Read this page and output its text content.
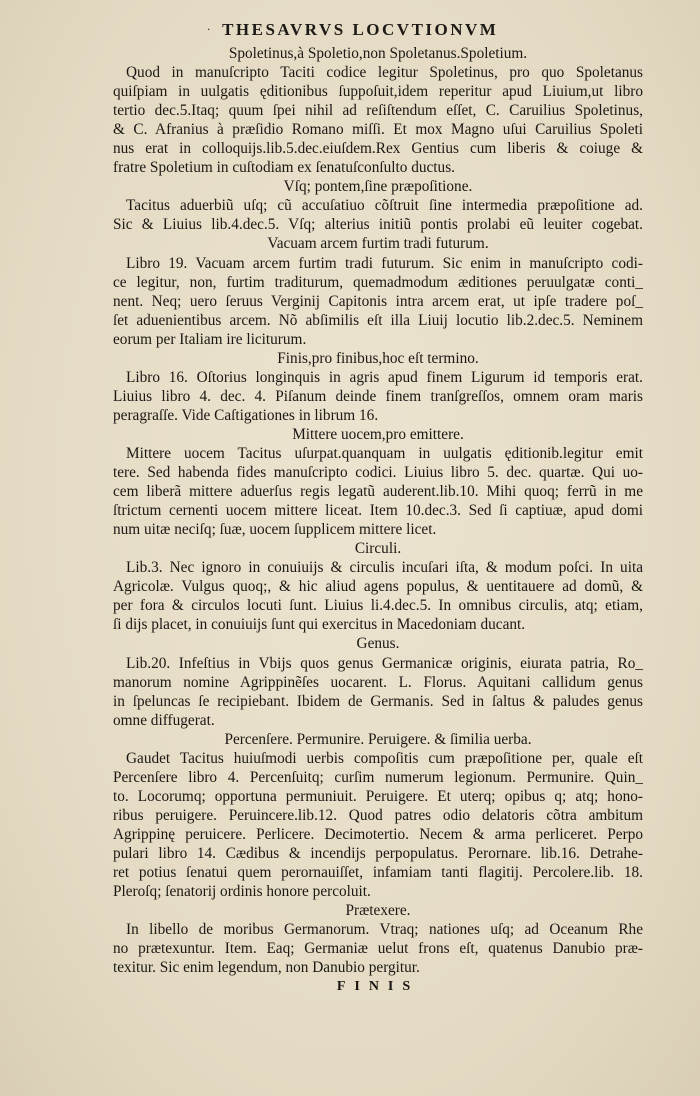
· THESAVRVS LOCVTIONVM
Spoletinus,à Spoletio,non Spoletanus.Spoletium.
Quod in manuſcripto Taciti codice legitur Spoletinus, pro quo Spoletanus
quiſpiam in uulgatis ęditionibus ſuppoſuit,idem reperitur apud Liuium,ut libro
tertio dec.5.Itaq; quum ſpei nihil ad reſiſtendum eſſet, C. Caruilius Spoletinus,
& C. Afranius à præſidio Romano miſſi. Et mox Magno uſui Caruilius Spoleti
nus erat in colloquijs.lib.5.dec.eiuſdem.Rex Gentius cum liberis & coiuge &
fratre Spoletium in cuſtodiam ex ſenatuſconſulto ductus.
Vſq; pontem,ſine præpoſitione.
Tacitus aduerbiũ uſq; cũ accuſatiuo cõſtruit ſine intermedia præpoſitione ad.
Sic & Liuius lib.4.dec.5. Vſq; alterius initiũ pontis prolabi eũ leuiter cogebat.
Vacuam arcem furtim tradi futurum.
Libro 19. Vacuam arcem furtim tradi futurum. Sic enim in manuſcripto codi-
ce legitur, non, furtim traditurum, quemadmodum æditiones peruulgatæ conti_
nent. Neq; uero ſeruus Verginij Capitonis intra arcem erat, ut ipſe tradere poſ_
ſet aduenientibus arcem. Nõ abſimilis eſt illa Liuij locutio lib.2.dec.5. Neminem
eorum per Italiam ire liciturum.
Finis,pro finibus,hoc eſt termino.
Libro 16. Oſtorius longinquis in agris apud finem Ligurum id temporis erat.
Liuius libro 4. dec. 4. Piſanum deinde finem tranſgreſſos, omnem oram maris
peragraſſe. Vide Caſtigationes in librum 16.
Mittere uocem,pro emittere.
Mittere uocem Tacitus uſurpat.quanquam in uulgatis ęditionib.legitur emit
tere. Sed habenda fides manuſcripto codici. Liuius libro 5. dec. quartæ. Qui uo-
cem liberã mittere aduerſus regis legatũ auderent.lib.10. Mihi quoq; ferrũ in me
ſtrictum cernenti uocem mittere liceat. Item 10.dec.3. Sed ſi captiuæ, apud domi
num uitæ neciſq; ſuæ, uocem ſupplicem mittere licet.
Circuli.
Lib.3. Nec ignoro in conuiuijs & circulis incuſari iſta, & modum poſci. In uita
Agricolæ. Vulgus quoq;, & hic aliud agens populus, & uentitauere ad domũ, &
per fora & circulos locuti ſunt. Liuius li.4.dec.5. In omnibus circulis, atq; etiam,
ſi dijs placet, in conuiuijs ſunt qui exercitus in Macedoniam ducant.
Genus.
Lib.20. Infeſtius in Vbijs quos genus Germanicæ originis, eiurata patria, Ro_
manorum nomine Agrippinẽſes uocarent. L. Florus. Aquitani callidum genus
in ſpeluncas ſe recipiebant. Ibidem de Germanis. Sed in ſaltus & paludes genus
omne diffugerat.
Percenſere. Permunire. Peruigere. & ſimilia uerba.
Gaudet Tacitus huiuſmodi uerbis compoſitis cum præpoſitione per, quale eſt
Percenſere libro 4. Percenſuitq; curſim numerum legionum. Permunire. Quin_
to. Locorumq; opportuna permuniuit. Peruigere. Et uterq; opibus q; atq; hono-
ribus peruigere. Peruincere.lib.12. Quod patres odio delatoris cõtra ambitum
Agrippinę peruicere. Perlicere. Decimotertio. Necem & arma perliceret. Perpo
pulari libro 14. Cædibus & incendijs perpopulatus. Perornare. lib.16. Detrahe-
ret potius ſenatui quem perornauiſſet, infamiam tanti flagitij. Percolere.lib. 18.
Pleroſq; ſenatorij ordinis honore percoluit.
Prætexere.
In libello de moribus Germanorum. Vtraq; nationes uſq; ad Oceanum Rhe
no prætexuntur. Item. Eaq; Germaniæ uelut frons eſt, quatenus Danubio præ-
texitur. Sic enim legendum, non Danubio pergitur.
FINIS
